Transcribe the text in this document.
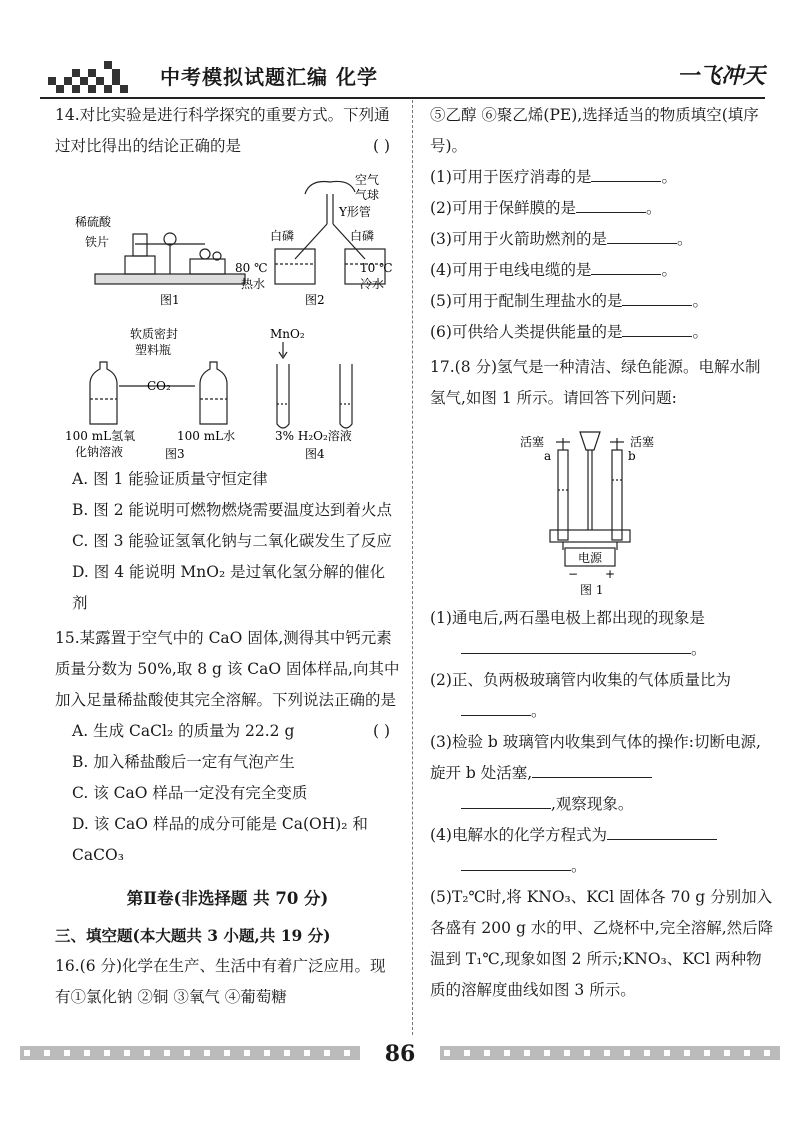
中考模拟试题汇编 化学	一飞冲天
14.对比实验是进行科学探究的重要方式。下列通过对比得出的结论正确的是	( )
稀硫酸
铁片
图1
空气
气球
Y形管
白磷	白磷
80 ℃
热水
10 ℃
冷水
图2
软质密封
塑料瓶
CO₂
100 mL氢氧
化钠溶液
100 mL水
图3
MnO₂
3% H₂O₂溶液
图4
A. 图 1 能验证质量守恒定律
B. 图 2 能说明可燃物燃烧需要温度达到着火点
C. 图 3 能验证氢氧化钠与二氧化碳发生了反应
D. 图 4 能说明 MnO₂ 是过氧化氢分解的催化剂
15.某露置于空气中的 CaO 固体,测得其中钙元素质量分数为 50%,取 8 g 该 CaO 固体样品,向其中加入足量稀盐酸使其完全溶解。下列说法正确的是
( )
A. 生成 CaCl₂ 的质量为 22.2 g
B. 加入稀盐酸后一定有气泡产生
C. 该 CaO 样品一定没有完全变质
D. 该 CaO 样品的成分可能是 Ca(OH)₂ 和 CaCO₃
第Ⅱ卷(非选择题 共 70 分)
三、填空题(本大题共 3 小题,共 19 分)
16.(6 分)化学在生产、生活中有着广泛应用。现有①氯化钠 ②铜 ③氧气 ④葡萄糖
⑤乙醇 ⑥聚乙烯(PE),选择适当的物质填空(填序号)。
(1)可用于医疗消毒的是	。
(2)可用于保鲜膜的是	。
(3)可用于火箭助燃剂的是	。
(4)可用于电线电缆的是	。
(5)可用于配制生理盐水的是	。
(6)可供给人类提供能量的是	。
17.(8 分)氢气是一种清洁、绿色能源。电解水制氢气,如图 1 所示。请回答下列问题:
活塞	活塞
a	b
电源
− +
图 1
(1)通电后,两石墨电极上都出现的现象是
。
(2)正、负两极玻璃管内收集的气体质量比为
。
(3)检验 b 玻璃管内收集到气体的操作:切断电源,旋开 b 处活塞,
,观察现象。
(4)电解水的化学方程式为
。
(5)T₂℃时,将 KNO₃、KCl 固体各 70 g 分别加入各盛有 200 g 水的甲、乙烧杯中,完全溶解,然后降温到 T₁℃,现象如图 2 所示;KNO₃、KCl 两种物质的溶解度曲线如图 3 所示。
86
